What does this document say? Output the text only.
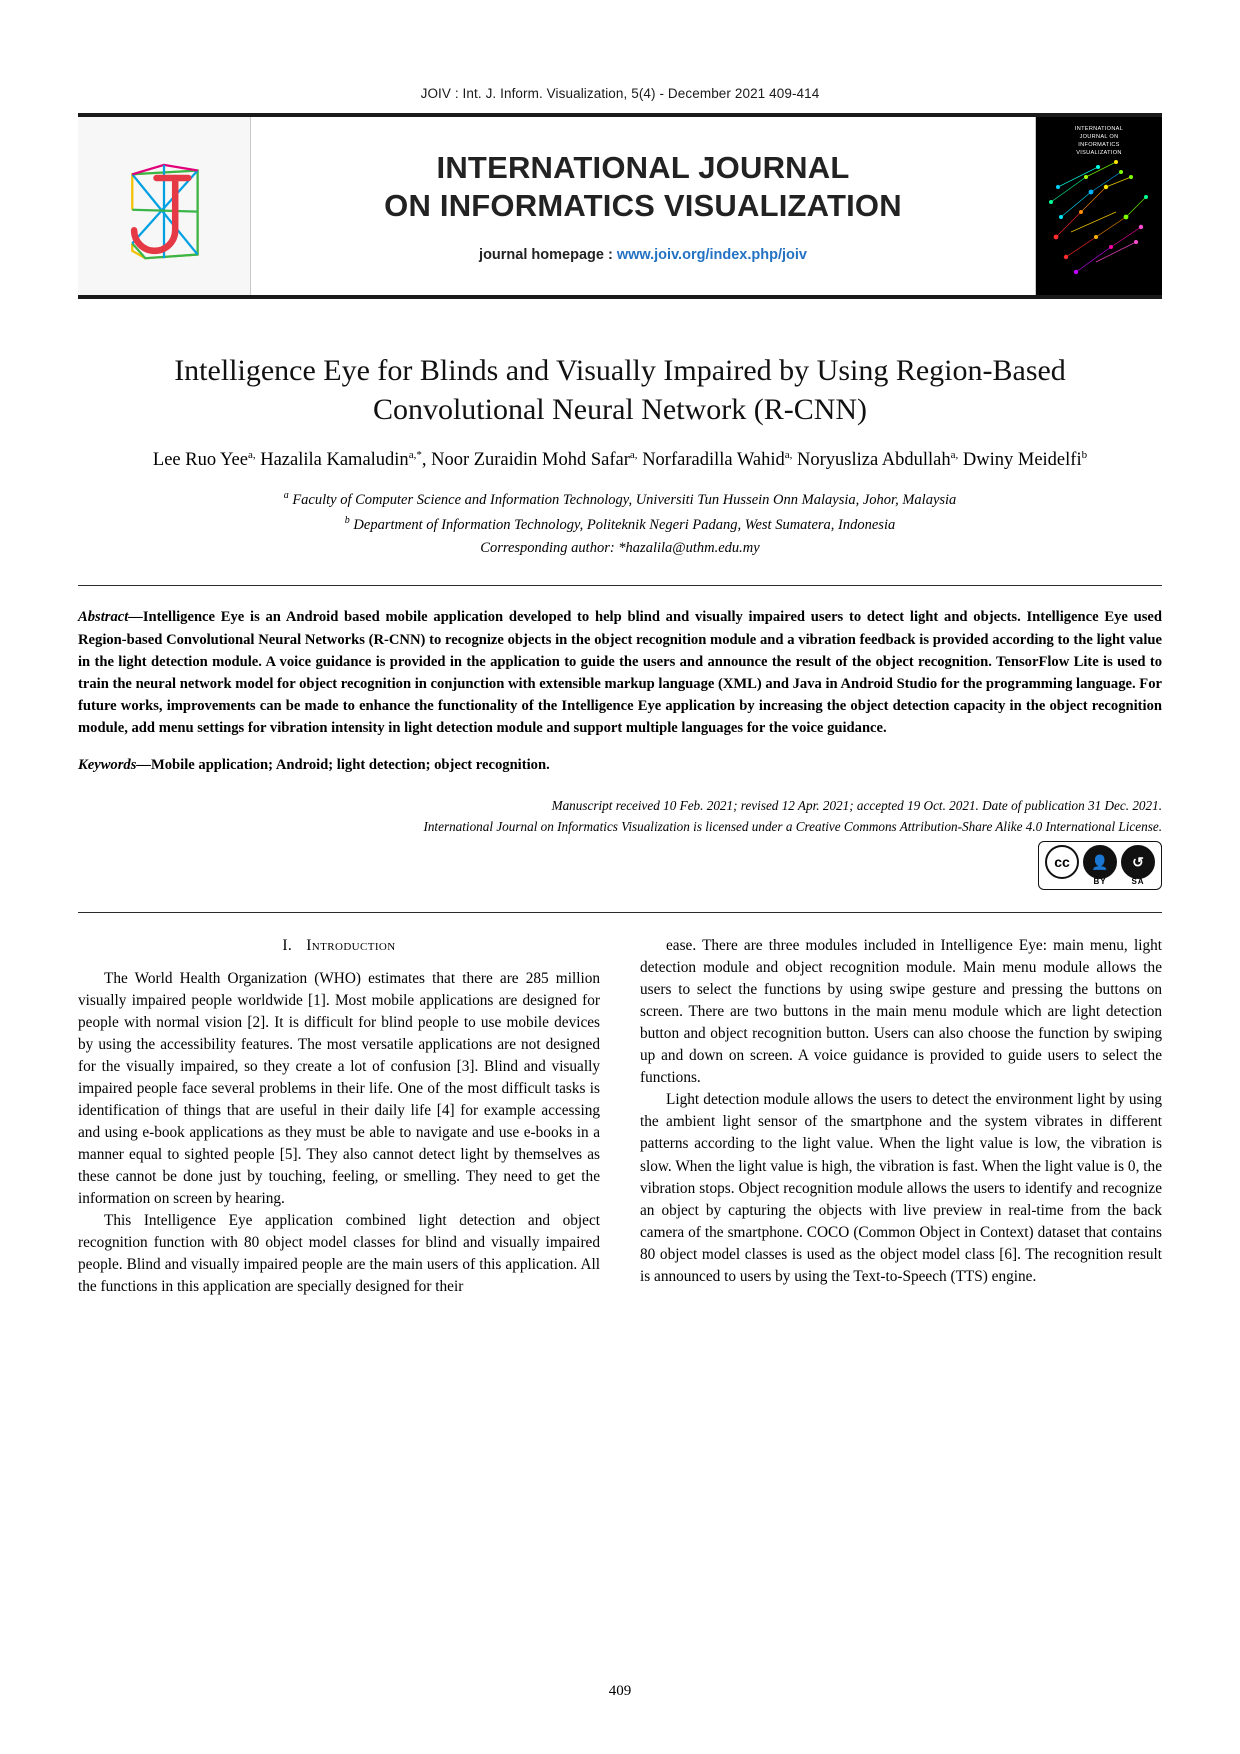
JOIV : Int. J. Inform. Visualization, 5(4) - December 2021 409-414
INTERNATIONAL JOURNAL
ON INFORMATICS VISUALIZATION
journal homepage : www.joiv.org/index.php/joiv
INTERNATIONAL
JOURNAL ON
INFORMATICS
VISUALIZATION
Intelligence Eye for Blinds and Visually Impaired by Using Region-Based Convolutional Neural Network (R-CNN)
Lee Ruo Yee$^{a,}$ Hazalila Kamaludin$^{a,*}$, Noor Zuraidin Mohd Safar$^{a,}$ Norfaradilla Wahid$^{a,}$ Noryusliza Abdullah$^{a,}$ Dwiny Meidelfi$^b$
$^a$ Faculty of Computer Science and Information Technology, Universiti Tun Hussein Onn Malaysia, Johor, Malaysia
$^b$ Department of Information Technology, Politeknik Negeri Padang, West Sumatera, Indonesia
Corresponding author: *hazalila@uthm.edu.my
Abstract—Intelligence Eye is an Android based mobile application developed to help blind and visually impaired users to detect light and objects. Intelligence Eye used Region-based Convolutional Neural Networks (R-CNN) to recognize objects in the object recognition module and a vibration feedback is provided according to the light value in the light detection module. A voice guidance is provided in the application to guide the users and announce the result of the object recognition. TensorFlow Lite is used to train the neural network model for object recognition in conjunction with extensible markup language (XML) and Java in Android Studio for the programming language. For future works, improvements can be made to enhance the functionality of the Intelligence Eye application by increasing the object detection capacity in the object recognition module, add menu settings for vibration intensity in light detection module and support multiple languages for the voice guidance.
Keywords—Mobile application; Android; light detection; object recognition.
Manuscript received 10 Feb. 2021; revised 12 Apr. 2021; accepted 19 Oct. 2021. Date of publication 31 Dec. 2021.
International Journal on Informatics Visualization is licensed under a Creative Commons Attribution-Share Alike 4.0 International License.
cc	👤
BY
↺
SA
I. Introduction

The World Health Organization (WHO) estimates that there are 285 million visually impaired people worldwide [1]. Most mobile applications are designed for people with normal vision [2]. It is difficult for blind people to use mobile devices by using the accessibility features. The most versatile applications are not designed for the visually impaired, so they create a lot of confusion [3]. Blind and visually impaired people face several problems in their life. One of the most difficult tasks is identification of things that are useful in their daily life [4] for example accessing and using e-book applications as they must be able to navigate and use e-books in a manner equal to sighted people [5]. They also cannot detect light by themselves as these cannot be done just by touching, feeling, or smelling. They need to get the information on screen by hearing.

This Intelligence Eye application combined light detection and object recognition function with 80 object model classes for blind and visually impaired people. Blind and visually impaired people are the main users of this application. All the functions in this application are specially designed for their

ease. There are three modules included in Intelligence Eye: main menu, light detection module and object recognition module. Main menu module allows the users to select the functions by using swipe gesture and pressing the buttons on screen. There are two buttons in the main menu module which are light detection button and object recognition button. Users can also choose the function by swiping up and down on screen. A voice guidance is provided to guide users to select the functions.

Light detection module allows the users to detect the environment light by using the ambient light sensor of the smartphone and the system vibrates in different patterns according to the light value. When the light value is low, the vibration is slow. When the light value is high, the vibration is fast. When the light value is 0, the vibration stops. Object recognition module allows the users to identify and recognize an object by capturing the objects with live preview in real-time from the back camera of the smartphone. COCO (Common Object in Context) dataset that contains 80 object model classes is used as the object model class [6]. The recognition result is announced to users by using the Text-to-Speech (TTS) engine.

409
